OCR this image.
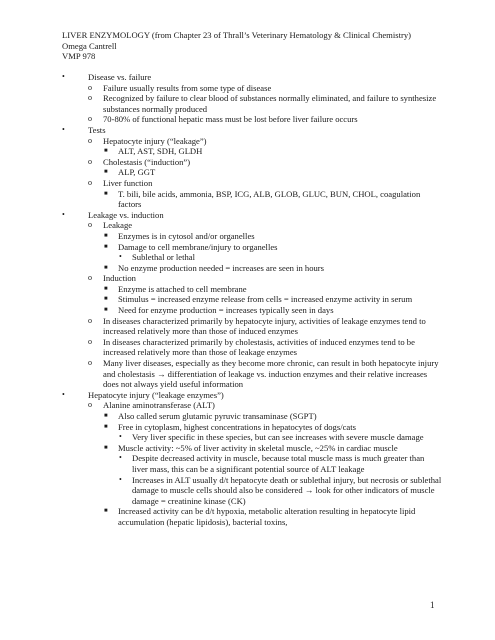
LIVER ENZYMOLOGY (from Chapter 23 of Thrall’s Veterinary Hematology & Clinical Chemistry)
Omega Cantrell
VMP 978
•	Disease vs. failure
o Failure usually results from some type of disease
o Recognized by failure to clear blood of substances normally eliminated, and failure to synthesize substances normally produced
o 70-80% of functional hepatic mass must be lost before liver failure occurs
•	Tests
o Hepatocyte injury (“leakage”)
■ ALT, AST, SDH, GLDH
o Cholestasis (“induction”)
■ ALP, GGT
o Liver function
■ T. bili, bile acids, ammonia, BSP, ICG, ALB, GLOB, GLUC, BUN, CHOL, coagulation factors
•	Leakage vs. induction
o Leakage
■ Enzymes is in cytosol and/or organelles
■ Damage to cell membrane/injury to organelles
• Sublethal or lethal
■ No enzyme production needed = increases are seen in hours
o Induction
■ Enzyme is attached to cell membrane
■ Stimulus = increased enzyme release from cells = increased enzyme activity in serum
■ Need for enzyme production = increases typically seen in days
o In diseases characterized primarily by hepatocyte injury, activities of leakage enzymes tend to increased relatively more than those of induced enzymes
o In diseases characterized primarily by cholestasis, activities of induced enzymes tend to be increased relatively more than those of leakage enzymes
o Many liver diseases, especially as they become more chronic, can result in both hepatocyte injury and cholestasis → differentiation of leakage vs. induction enzymes and their relative increases does not always yield useful information
•	Hepatocyte injury (“leakage enzymes”)
o Alanine aminotransferase (ALT)
■ Also called serum glutamic pyruvic transaminase (SGPT)
■ Free in cytoplasm, highest concentrations in hepatocytes of dogs/cats
• Very liver specific in these species, but can see increases with severe muscle damage
■ Muscle activity: ~5% of liver activity in skeletal muscle, ~25% in cardiac muscle
• Despite decreased activity in muscle, because total muscle mass is much greater than liver mass, this can be a significant potential source of ALT leakage
• Increases in ALT usually d/t hepatocyte death or sublethal injury, but necrosis or sublethal damage to muscle cells should also be considered → look for other indicators of muscle damage = creatinine kinase (CK)
■ Increased activity can be d/t hypoxia, metabolic alteration resulting in hepatocyte lipid accumulation (hepatic lipidosis), bacterial toxins,
1
